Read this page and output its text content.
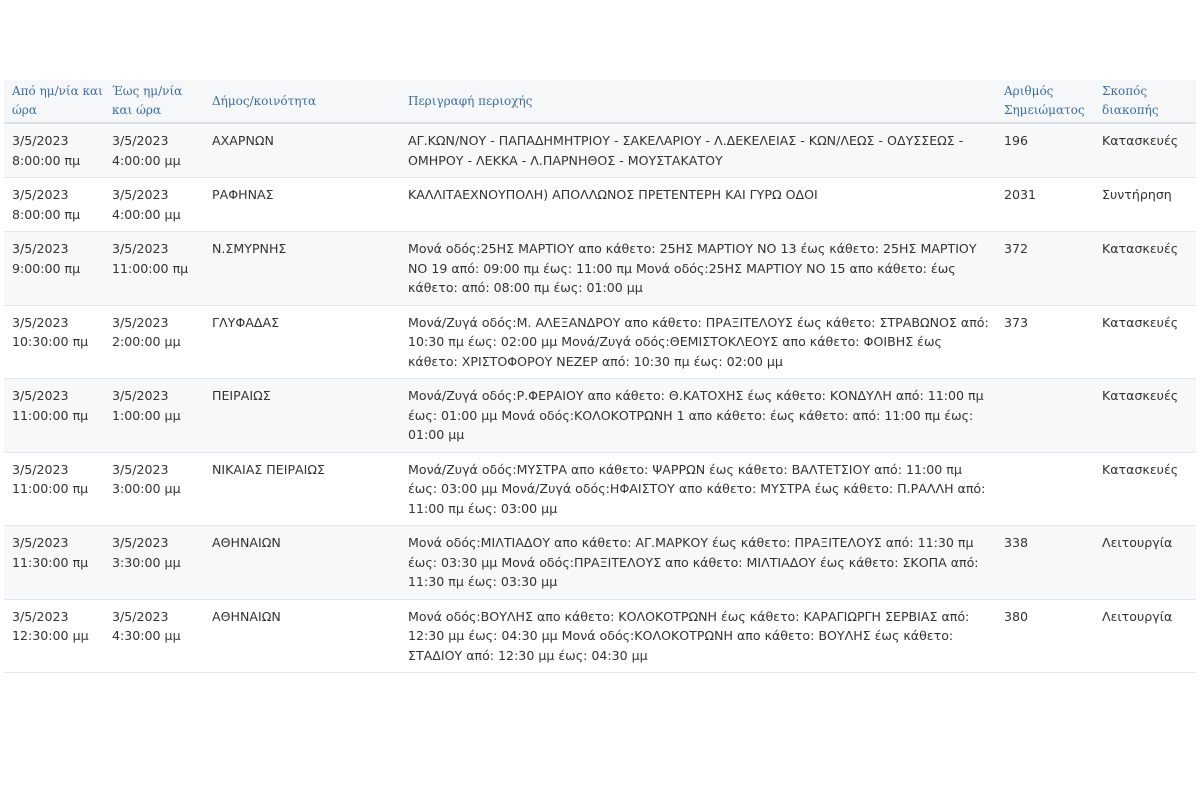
Από ημ/νία και ώρα	Έως ημ/νία και ώρα	Δήμος/κοινότητα	Περιγραφή περιοχής	Αριθμός Σημειώματος	Σκοπός διακοπής
3/5/2023 8:00:00 πμ	3/5/2023 4:00:00 μμ	ΑΧΑΡΝΩΝ	ΑΓ.ΚΩΝ/ΝΟΥ - ΠΑΠΑΔΗΜΗΤΡΙΟΥ - ΣΑΚΕΛΑΡΙΟΥ - Λ.ΔΕΚΕΛΕΙΑΣ - ΚΩΝ/ΛΕΩΣ - ΟΔΥΣΣΕΩΣ - ΟΜΗΡΟΥ - ΛΕΚΚΑ - Λ.ΠΑΡΝΗΘΟΣ - ΜΟΥΣΤΑΚΑΤΟΥ	196	Κατασκευές
3/5/2023 8:00:00 πμ	3/5/2023 4:00:00 μμ	ΡΑΦΗΝΑΣ	ΚΑΛΛΙΤΑΕΧΝΟΥΠΟΛΗ) ΑΠΟΛΛΩΝΟΣ ΠΡΕΤΕΝΤΕΡΗ ΚΑΙ ΓΥΡΩ ΟΔΟΙ	2031	Συντήρηση
3/5/2023 9:00:00 πμ	3/5/2023 11:00:00 πμ	Ν.ΣΜΥΡΝΗΣ	Μονά οδός:25ΗΣ ΜΑΡΤΙΟΥ απο κάθετο: 25ΗΣ ΜΑΡΤΙΟΥ ΝΟ 13 έως κάθετο: 25ΗΣ ΜΑΡΤΙΟΥ ΝΟ 19 από: 09:00 πμ έως: 11:00 πμ Μονά οδός:25ΗΣ ΜΑΡΤΙΟΥ ΝΟ 15 απο κάθετο: έως κάθετο: από: 08:00 πμ έως: 01:00 μμ	372	Κατασκευές
3/5/2023 10:30:00 πμ	3/5/2023 2:00:00 μμ	ΓΛΥΦΑΔΑΣ	Μονά/Ζυγά οδός:Μ. ΑΛΕΞΑΝΔΡΟΥ απο κάθετο: ΠΡΑΞΙΤΕΛΟΥΣ έως κάθετο: ΣΤΡΑΒΩΝΟΣ από: 10:30 πμ έως: 02:00 μμ Μονά/Ζυγά οδός:ΘΕΜΙΣΤΟΚΛΕΟΥΣ απο κάθετο: ΦΟΙΒΗΣ έως κάθετο: ΧΡΙΣΤΟΦΟΡΟΥ ΝΕΖΕΡ από: 10:30 πμ έως: 02:00 μμ	373	Κατασκευές
3/5/2023 11:00:00 πμ	3/5/2023 1:00:00 μμ	ΠΕΙΡΑΙΩΣ	Μονά/Ζυγά οδός:Ρ.ΦΕΡΑΙΟΥ απο κάθετο: Θ.ΚΑΤΟΧΗΣ έως κάθετο: ΚΟΝΔΥΛΗ από: 11:00 πμ έως: 01:00 μμ Μονά οδός:ΚΟΛΟΚΟΤΡΩΝΗ 1 απο κάθετο: έως κάθετο: από: 11:00 πμ έως: 01:00 μμ		Κατασκευές
3/5/2023 11:00:00 πμ	3/5/2023 3:00:00 μμ	ΝΙΚΑΙΑΣ ΠΕΙΡΑΙΩΣ	Μονά/Ζυγά οδός:ΜΥΣΤΡΑ απο κάθετο: ΨΑΡΡΩΝ έως κάθετο: ΒΑΛΤΕΤΣΙΟΥ από: 11:00 πμ έως: 03:00 μμ Μονά/Ζυγά οδός:ΗΦΑΙΣΤΟΥ απο κάθετο: ΜΥΣΤΡΑ έως κάθετο: Π.ΡΑΛΛΗ από: 11:00 πμ έως: 03:00 μμ		Κατασκευές
3/5/2023 11:30:00 πμ	3/5/2023 3:30:00 μμ	ΑΘΗΝΑΙΩΝ	Μονά οδός:ΜΙΛΤΙΑΔΟΥ απο κάθετο: ΑΓ.ΜΑΡΚΟΥ έως κάθετο: ΠΡΑΞΙΤΕΛΟΥΣ από: 11:30 πμ έως: 03:30 μμ Μονά οδός:ΠΡΑΞΙΤΕΛΟΥΣ απο κάθετο: ΜΙΛΤΙΑΔΟΥ έως κάθετο: ΣΚΟΠΑ από: 11:30 πμ έως: 03:30 μμ	338	Λειτουργία
3/5/2023 12:30:00 μμ	3/5/2023 4:30:00 μμ	ΑΘΗΝΑΙΩΝ	Μονά οδός:ΒΟΥΛΗΣ απο κάθετο: ΚΟΛΟΚΟΤΡΩΝΗ έως κάθετο: ΚΑΡΑΓΙΩΡΓΗ ΣΕΡΒΙΑΣ από: 12:30 μμ έως: 04:30 μμ Μονά οδός:ΚΟΛΟΚΟΤΡΩΝΗ απο κάθετο: ΒΟΥΛΗΣ έως κάθετο: ΣΤΑΔΙΟΥ από: 12:30 μμ έως: 04:30 μμ	380	Λειτουργία
